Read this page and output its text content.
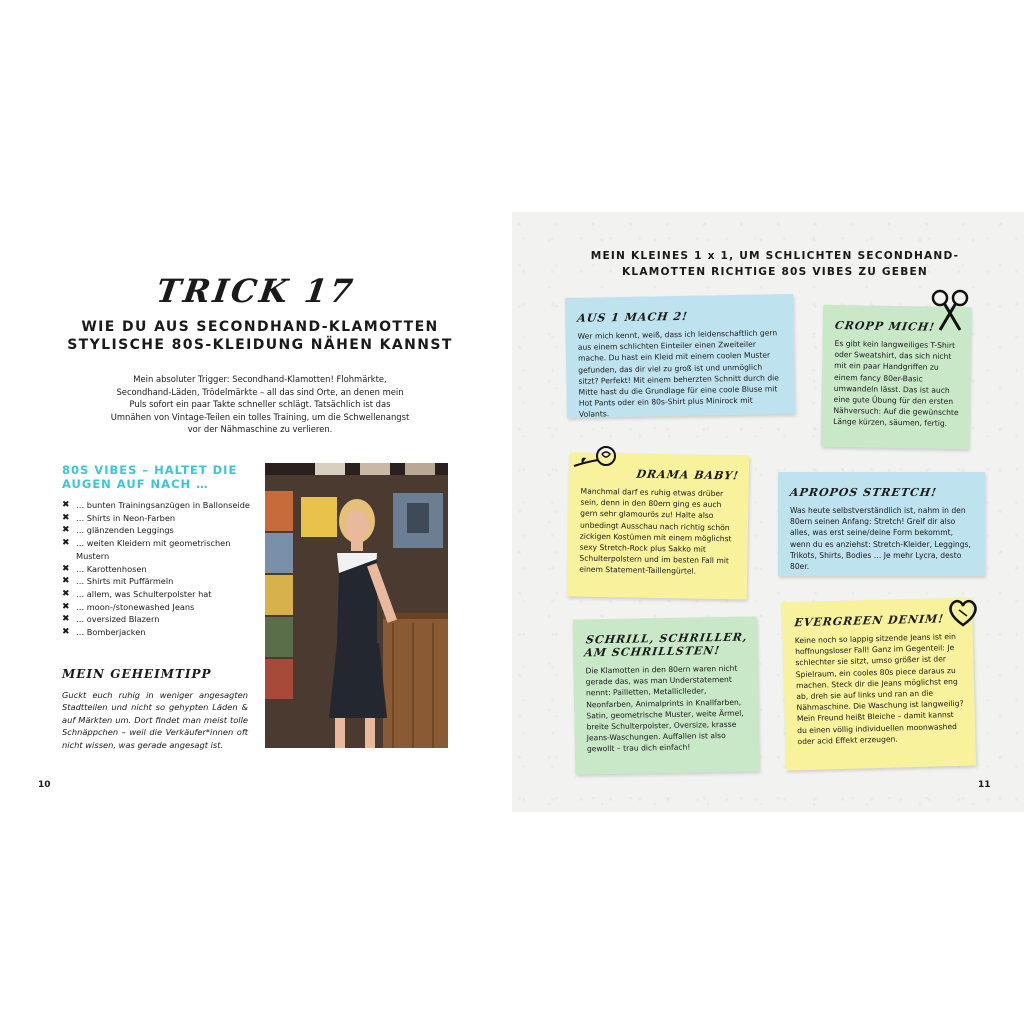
TRICK 17
WIE DU AUS SECONDHAND-KLAMOTTEN STYLISCHE 80S-KLEIDUNG NÄHEN KANNST
Mein absoluter Trigger: Secondhand-Klamotten! Flohmärkte, Secondhand-Läden, Trödelmärkte – all das sind Orte, an denen mein Puls sofort ein paar Takte schneller schlägt. Tatsächlich ist das Umnähen von Vintage-Teilen ein tolles Training, um die Schwellenangst vor der Nähmaschine zu verlieren.
80S VIBES – HALTET DIE AUGEN AUF NACH …
✖ … bunten Trainingsanzügen in Ballonseide
✖ … Shirts in Neon-Farben
✖ … glänzenden Leggings
✖ … weiten Kleidern mit geometrischen Mustern
✖ … Karottenhosen
✖ … Shirts mit Puffärmeln
✖ … allem, was Schulterpolster hat
✖ … moon-/stonewashed Jeans
✖ … oversized Blazern
✖ … Bomberjacken
MEIN GEHEIMTIPP
Guckt euch ruhig in weniger angesagten Stadtteilen und nicht so gehypten Läden & auf Märkten um. Dort findet man meist tolle Schnäppchen – weil die Verkäufer*innen oft nicht wissen, was gerade angesagt ist.
10	11
MEIN KLEINES 1 x 1, UM SCHLICHTEN SECONDHAND-KLAMOTTEN RICHTIGE 80S VIBES ZU GEBEN
AUS 1 MACH 2!
Wer mich kennt, weiß, dass ich leidenschaftlich gern aus einem schlichten Einteiler einen Zweiteiler mache. Du hast ein Kleid mit einem coolen Muster gefunden, das dir viel zu groß ist und unmöglich sitzt? Perfekt! Mit einem beherzten Schnitt durch die Mitte hast du die Grundlage für eine coole Bluse mit Hot Pants oder ein 80s-Shirt plus Minirock mit Volants.
CROPP MICH!
Es gibt kein langweiliges T-Shirt oder Sweatshirt, das sich nicht mit ein paar Handgriffen zu einem fancy 80er-Basic umwandeln lässt. Das ist auch eine gute Übung für den ersten Nähversuch: Auf die gewünschte Länge kürzen, säumen, fertig.
DRAMA BABY!
Manchmal darf es ruhig etwas drüber sein, denn in den 80ern ging es auch gern sehr glamourös zu! Halte also unbedingt Ausschau nach richtig schön zickigen Kostümen mit einem möglichst sexy Stretch-Rock plus Sakko mit Schulterpolstern und im besten Fall mit einem Statement-Taillengürtel.
APROPOS STRETCH!
Was heute selbstverständlich ist, nahm in den 80ern seinen Anfang: Stretch! Greif dir also alles, was erst seine/deine Form bekommt, wenn du es anziehst: Stretch-Kleider, Leggings, Trikots, Shirts, Bodies … Je mehr Lycra, desto 80er.
SCHRILL, SCHRILLER, AM SCHRILLSTEN!
Die Klamotten in den 80ern waren nicht gerade das, was man Understatement nennt: Pailletten, Metalliclleder, Neonfarben, Animalprints in Knallfarben, Satin, geometrische Muster, weite Ärmel, breite Schulterpolster, Oversize, krasse Jeans-Waschungen. Auffallen ist also gewollt – trau dich einfach!
EVERGREEN DENIM!
Keine noch so lappig sitzende Jeans ist ein hoffnungsloser Fall! Ganz im Gegenteil: Je schlechter sie sitzt, umso größer ist der Spielraum, ein cooles 80s piece daraus zu machen. Steck dir die Jeans möglichst eng ab, dreh sie auf links und ran an die Nähmaschine. Die Waschung ist langweilig? Mein Freund heißt Bleiche – damit kannst du einen völlig individuellen moonwashed oder acid Effekt erzeugen.
